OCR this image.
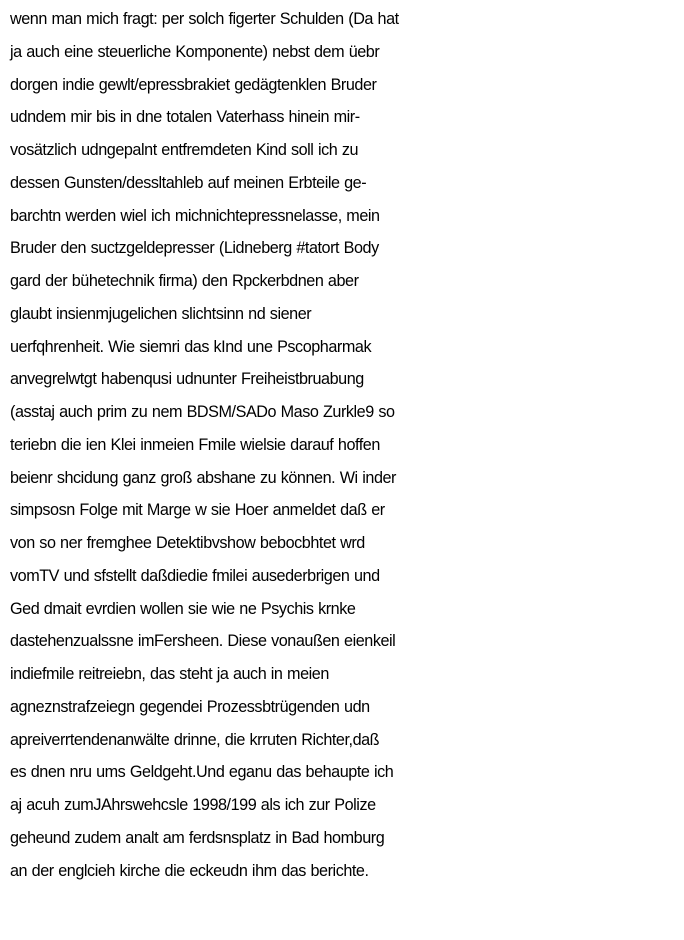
wenn man mich fragt: per solch figerter Schulden (Da hat
ja auch eine steuerliche Komponente) nebst dem üebr
dorgen indie gewlt/epressbrakiet gedägtenklen Bruder
udndem mir bis in dne totalen Vaterhass hinein mir-
vosätzlich udngepalnt entfremdeten Kind soll ich zu
dessen Gunsten/dessltahleb auf meinen Erbteile ge-
barchtn werden wiel ich michnichtepressnelasse, mein
Bruder den suctzgeldepresser (Lidneberg #tatort Body
gard der bühetechnik firma) den Rpckerbdnen aber
glaubt insienmjugelichen slichtsinn nd siener
uerfqhrenheit. Wie siemri das kInd une Pscopharmak
anvegrelwtgt habenqusi udnunter Freiheistbruabung
(asstaj auch prim zu nem BDSM/SADo Maso Zurkle9 so
teriebn die ien Klei inmeien Fmile wielsie darauf hoffen
beienr shcidung ganz groß abshane zu können. Wi inder
simpsosn Folge mit Marge w sie Hoer anmeldet daß er
von so ner fremghee Detektibvshow bebocbhtet wrd
vomTV und sfstellt daßdiedie fmilei ausederbrigen und
Ged dmait evrdien wollen sie wie ne Psychis krnke
dastehenzualssne imFersheen. Diese vonaußen eienkeil
indiefmile reitreiebn, das steht ja auch in meien
agneznstrafzeiegn gegendei Prozessbtrügenden udn
apreiverrtendenanwälte drinne, die krruten Richter,daß
es dnen nru ums Geldgeht.Und eganu das behaupte ich
aj acuh zumJAhrswehcsle 1998/199 als ich zur Polize
geheund zudem analt am ferdsnsplatz in Bad homburg
an der englcieh kirche die eckeudn ihm das berichte.
